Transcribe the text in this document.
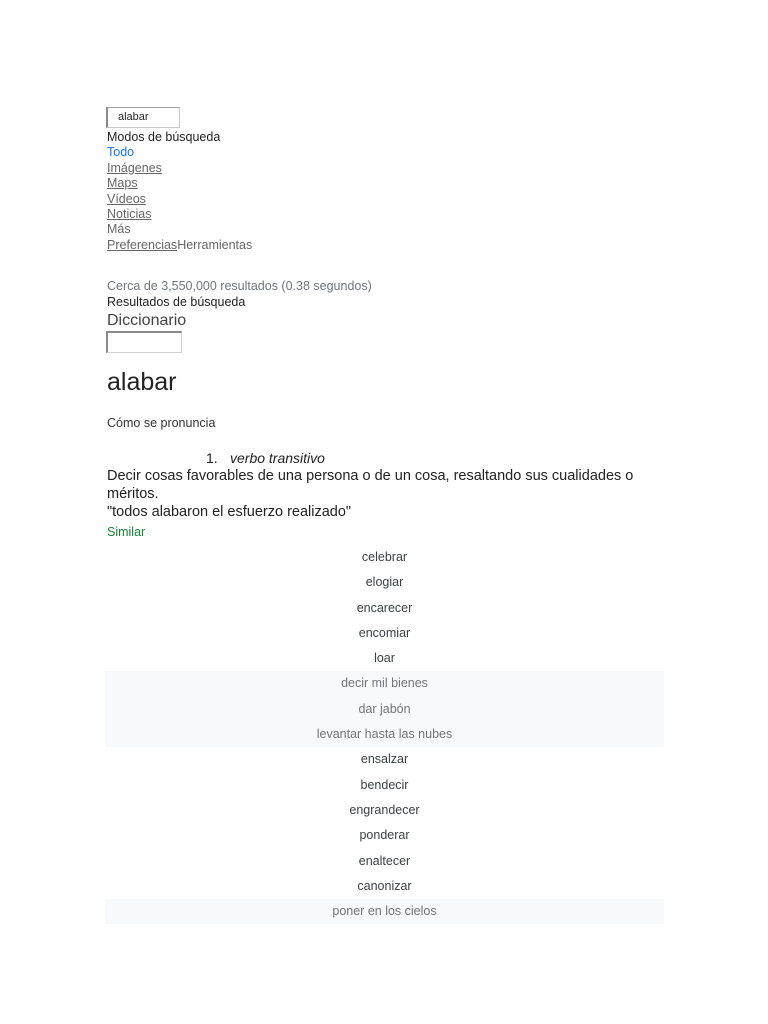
alabar
Modos de búsqueda
Todo
Imágenes
Maps
Vídeos
Noticias
Más
PreferenciasHerramientas
Cerca de 3,550,000 resultados (0.38 segundos)
Resultados de búsqueda
Diccionario
alabar
Cómo se pronuncia
1. verbo transitivo
Decir cosas favorables de una persona o de un cosa, resaltando sus cualidades o méritos.
"todos alabaron el esfuerzo realizado"
Similar
celebrar
elogiar
encarecer
encomiar
loar
decir mil bienes
dar jabón
levantar hasta las nubes
ensalzar
bendecir
engrandecer
ponderar
enaltecer
canonizar
poner en los cielos
